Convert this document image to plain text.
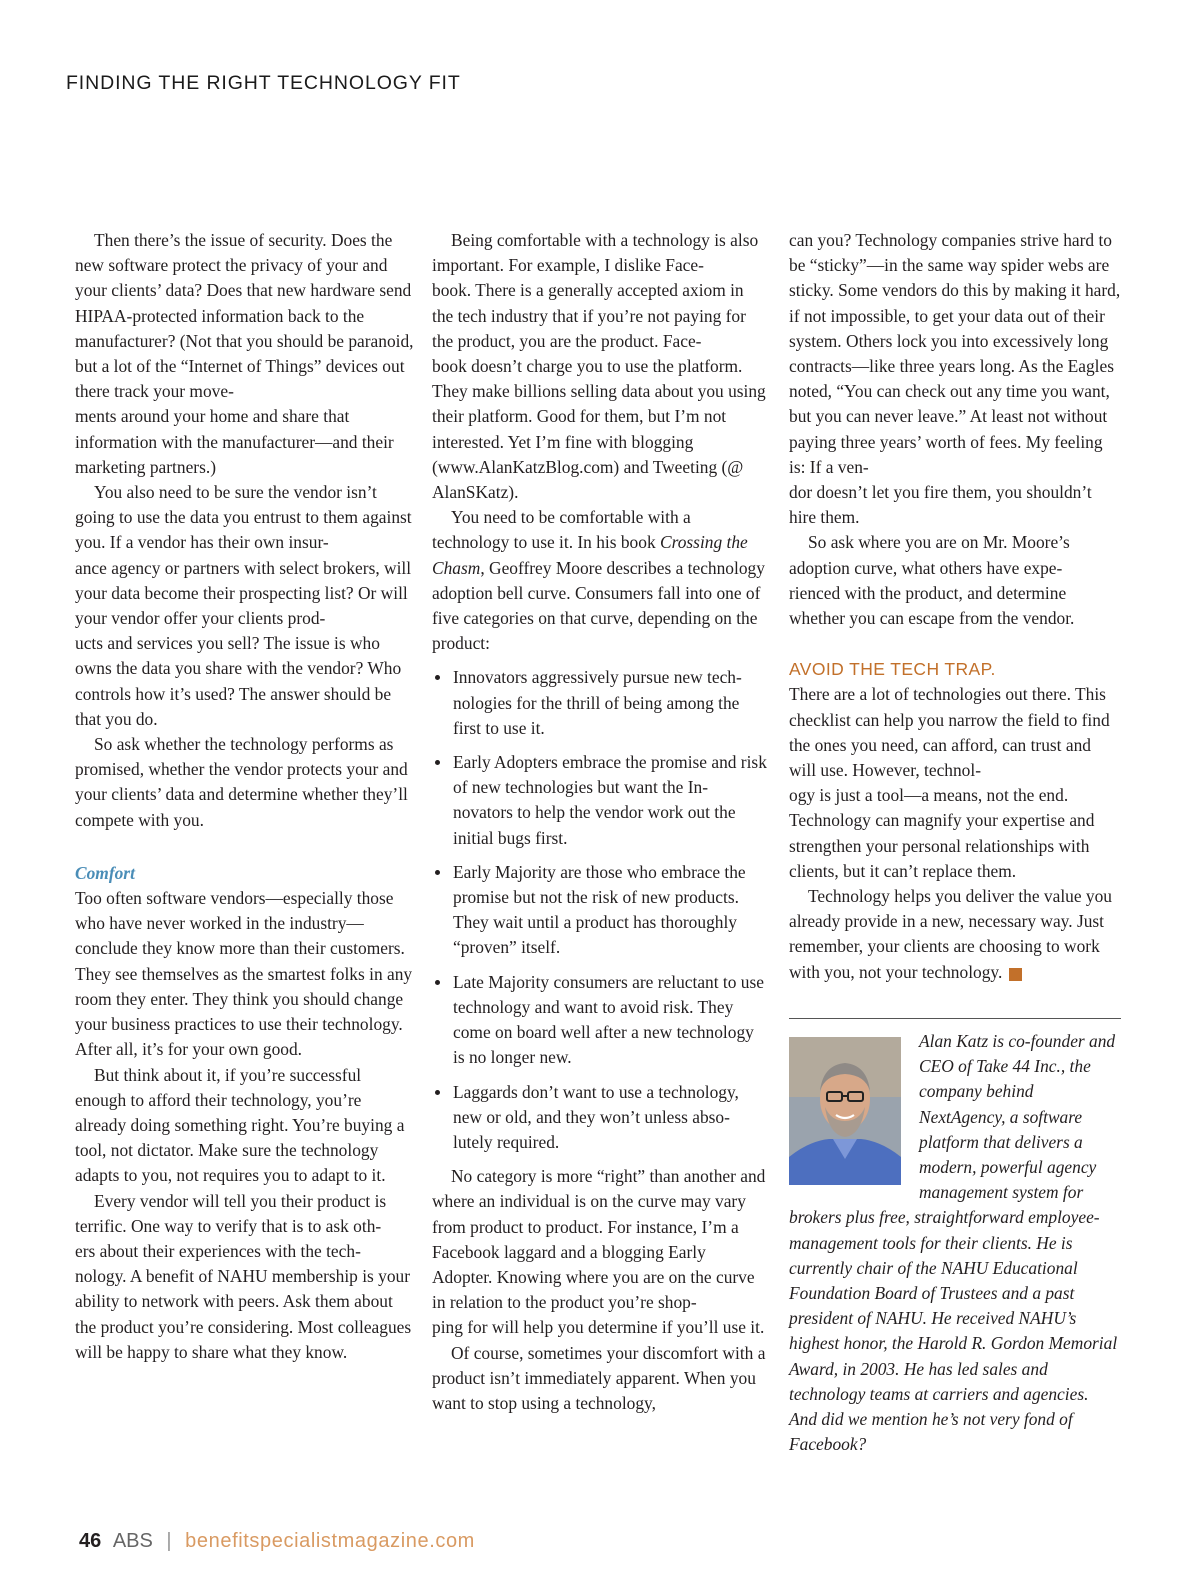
FINDING THE RIGHT TECHNOLOGY FIT

Then there’s the issue of security. Does the new software protect the privacy of your and your clients’ data? Does that new hardware send HIPAA-protected information back to the manufacturer? (Not that you should be paranoid, but a lot of the “Internet of Things” devices out there track your move-
ments around your home and share that information with the manufacturer—and their marketing partners.)

You also need to be sure the vendor isn’t going to use the data you entrust to them against you. If a vendor has their own insur-
ance agency or partners with select brokers, will your data become their prospecting list? Or will your vendor offer your clients prod-
ucts and services you sell? The issue is who owns the data you share with the vendor? Who controls how it’s used? The answer should be that you do.

So ask whether the technology performs as promised, whether the vendor protects your and your clients’ data and determine whether they’ll compete with you.

Comfort

Too often software vendors—especially those who have never worked in the industry—conclude they know more than their customers. They see themselves as the smartest folks in any room they enter. They think you should change your business practices to use their technology. After all, it’s for your own good.

But think about it, if you’re successful enough to afford their technology, you’re already doing something right. You’re buying a tool, not dictator. Make sure the technology adapts to you, not requires you to adapt to it.

Every vendor will tell you their product is terrific. One way to verify that is to ask oth-
ers about their experiences with the tech-
nology. A benefit of NAHU membership is your ability to network with peers. Ask them about the product you’re considering. Most colleagues will be happy to share what they know.

Being comfortable with a technology is also important. For example, I dislike Face-
book. There is a generally accepted axiom in the tech industry that if you’re not paying for the product, you are the product. Face-
book doesn’t charge you to use the platform. They make billions selling data about you using their platform. Good for them, but I’m not interested. Yet I’m fine with blogging (www.AlanKatzBlog.com) and Tweeting (@
AlanSKatz).

You need to be comfortable with a technology to use it. In his book Crossing the Chasm, Geoffrey Moore describes a technology adoption bell curve. Consumers fall into one of five categories on that curve, depending on the product:

Innovators aggressively pursue new tech-
nologies for the thrill of being among the first to use it.
Early Adopters embrace the promise and risk of new technologies but want the In-
novators to help the vendor work out the initial bugs first.
Early Majority are those who embrace the promise but not the risk of new products. They wait until a product has thoroughly “proven” itself.
Late Majority consumers are reluctant to use technology and want to avoid risk. They come on board well after a new technology is no longer new.
Laggards don’t want to use a technology, new or old, and they won’t unless abso-
lutely required.

No category is more “right” than another and where an individual is on the curve may vary from product to product. For instance, I’m a Facebook laggard and a blogging Early Adopter. Knowing where you are on the curve in relation to the product you’re shop-
ping for will help you determine if you’ll use it.

Of course, sometimes your discomfort with a product isn’t immediately apparent. When you want to stop using a technology,

can you? Technology companies strive hard to be “sticky”—in the same way spider webs are sticky. Some vendors do this by making it hard, if not impossible, to get your data out of their system. Others lock you into excessively long contracts—like three years long. As the Eagles noted, “You can check out any time you want, but you can never leave.” At least not without paying three years’ worth of fees. My feeling is: If a ven-
dor doesn’t let you fire them, you shouldn’t hire them.

So ask where you are on Mr. Moore’s adoption curve, what others have expe-
rienced with the product, and determine whether you can escape from the vendor.

AVOID THE TECH TRAP.

There are a lot of technologies out there. This checklist can help you narrow the field to find the ones you need, can afford, can trust and will use. However, technol-
ogy is just a tool—a means, not the end. Technology can magnify your expertise and strengthen your personal relationships with clients, but it can’t replace them.

Technology helps you deliver the value you already provide in a new, necessary way. Just remember, your clients are choosing to work with you, not your technology.	BS

Alan Katz is co-founder and CEO of Take 44 Inc., the company behind NextAgency, a software platform that delivers a modern, powerful agency management system for brokers plus free, straightforward employee-management tools for their clients. He is currently chair of the NAHU Educational Foundation Board of Trustees and a past president of NAHU. He received NAHU’s highest honor, the Harold R. Gordon Memorial Award, in 2003. He has led sales and technology teams at carriers and agencies. And did we mention he’s not very fond of Facebook?

46 ABS | benefitspecialistmagazine.com
